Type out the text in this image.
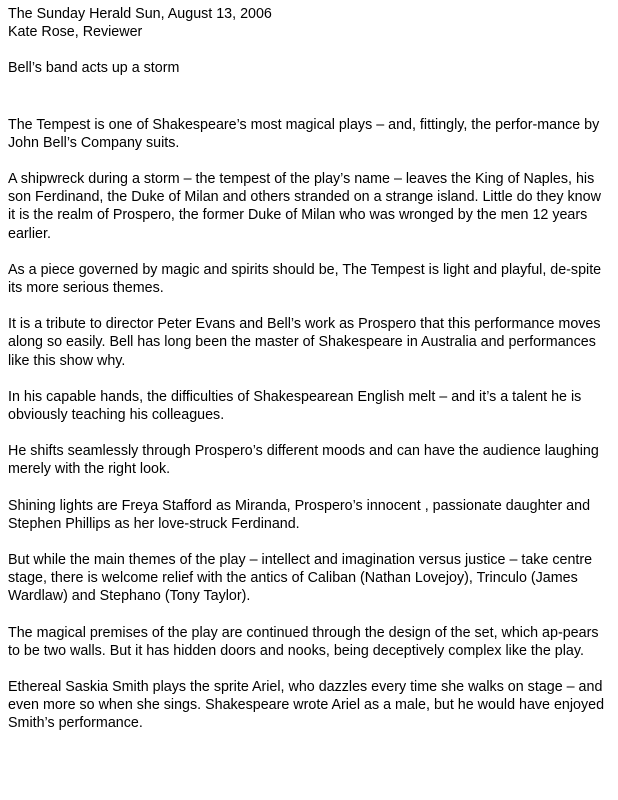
The Sunday Herald Sun, August 13, 2006

Kate Rose, Reviewer

Bell’s band acts up a storm

The Tempest is one of Shakespeare’s most magical plays – and, fittingly, the perfor-mance by John Bell’s Company suits.

A shipwreck during a storm – the tempest of the play’s name – leaves the King of Naples, his son Ferdinand, the Duke of Milan and others stranded on a strange island. Little do they know it is the realm of Prospero, the former Duke of Milan who was wronged by the men 12 years earlier.

As a piece governed by magic and spirits should be, The Tempest is light and playful, de-spite its more serious themes.

It is a tribute to director Peter Evans and Bell’s work as Prospero that this performance moves along so easily. Bell has long been the master of Shakespeare in Australia and performances like this show why.

In his capable hands, the difficulties of Shakespearean English melt – and it’s a talent he is obviously teaching his colleagues.

He shifts seamlessly through Prospero’s different moods and can have the audience laughing merely with the right look.

Shining lights are Freya Stafford as Miranda, Prospero’s innocent , passionate daughter and Stephen Phillips as her love-struck Ferdinand.

But while the main themes of the play – intellect and imagination versus justice – take centre stage, there is welcome relief with the antics of Caliban (Nathan Lovejoy), Trinculo (James Wardlaw) and Stephano (Tony Taylor).

The magical premises of the play are continued through the design of the set, which ap-pears to be two walls. But it has hidden doors and nooks, being deceptively complex like the play.

Ethereal Saskia Smith plays the sprite Ariel, who dazzles every time she walks on stage – and even more so when she sings. Shakespeare wrote Ariel as a male, but he would have enjoyed Smith’s performance.
